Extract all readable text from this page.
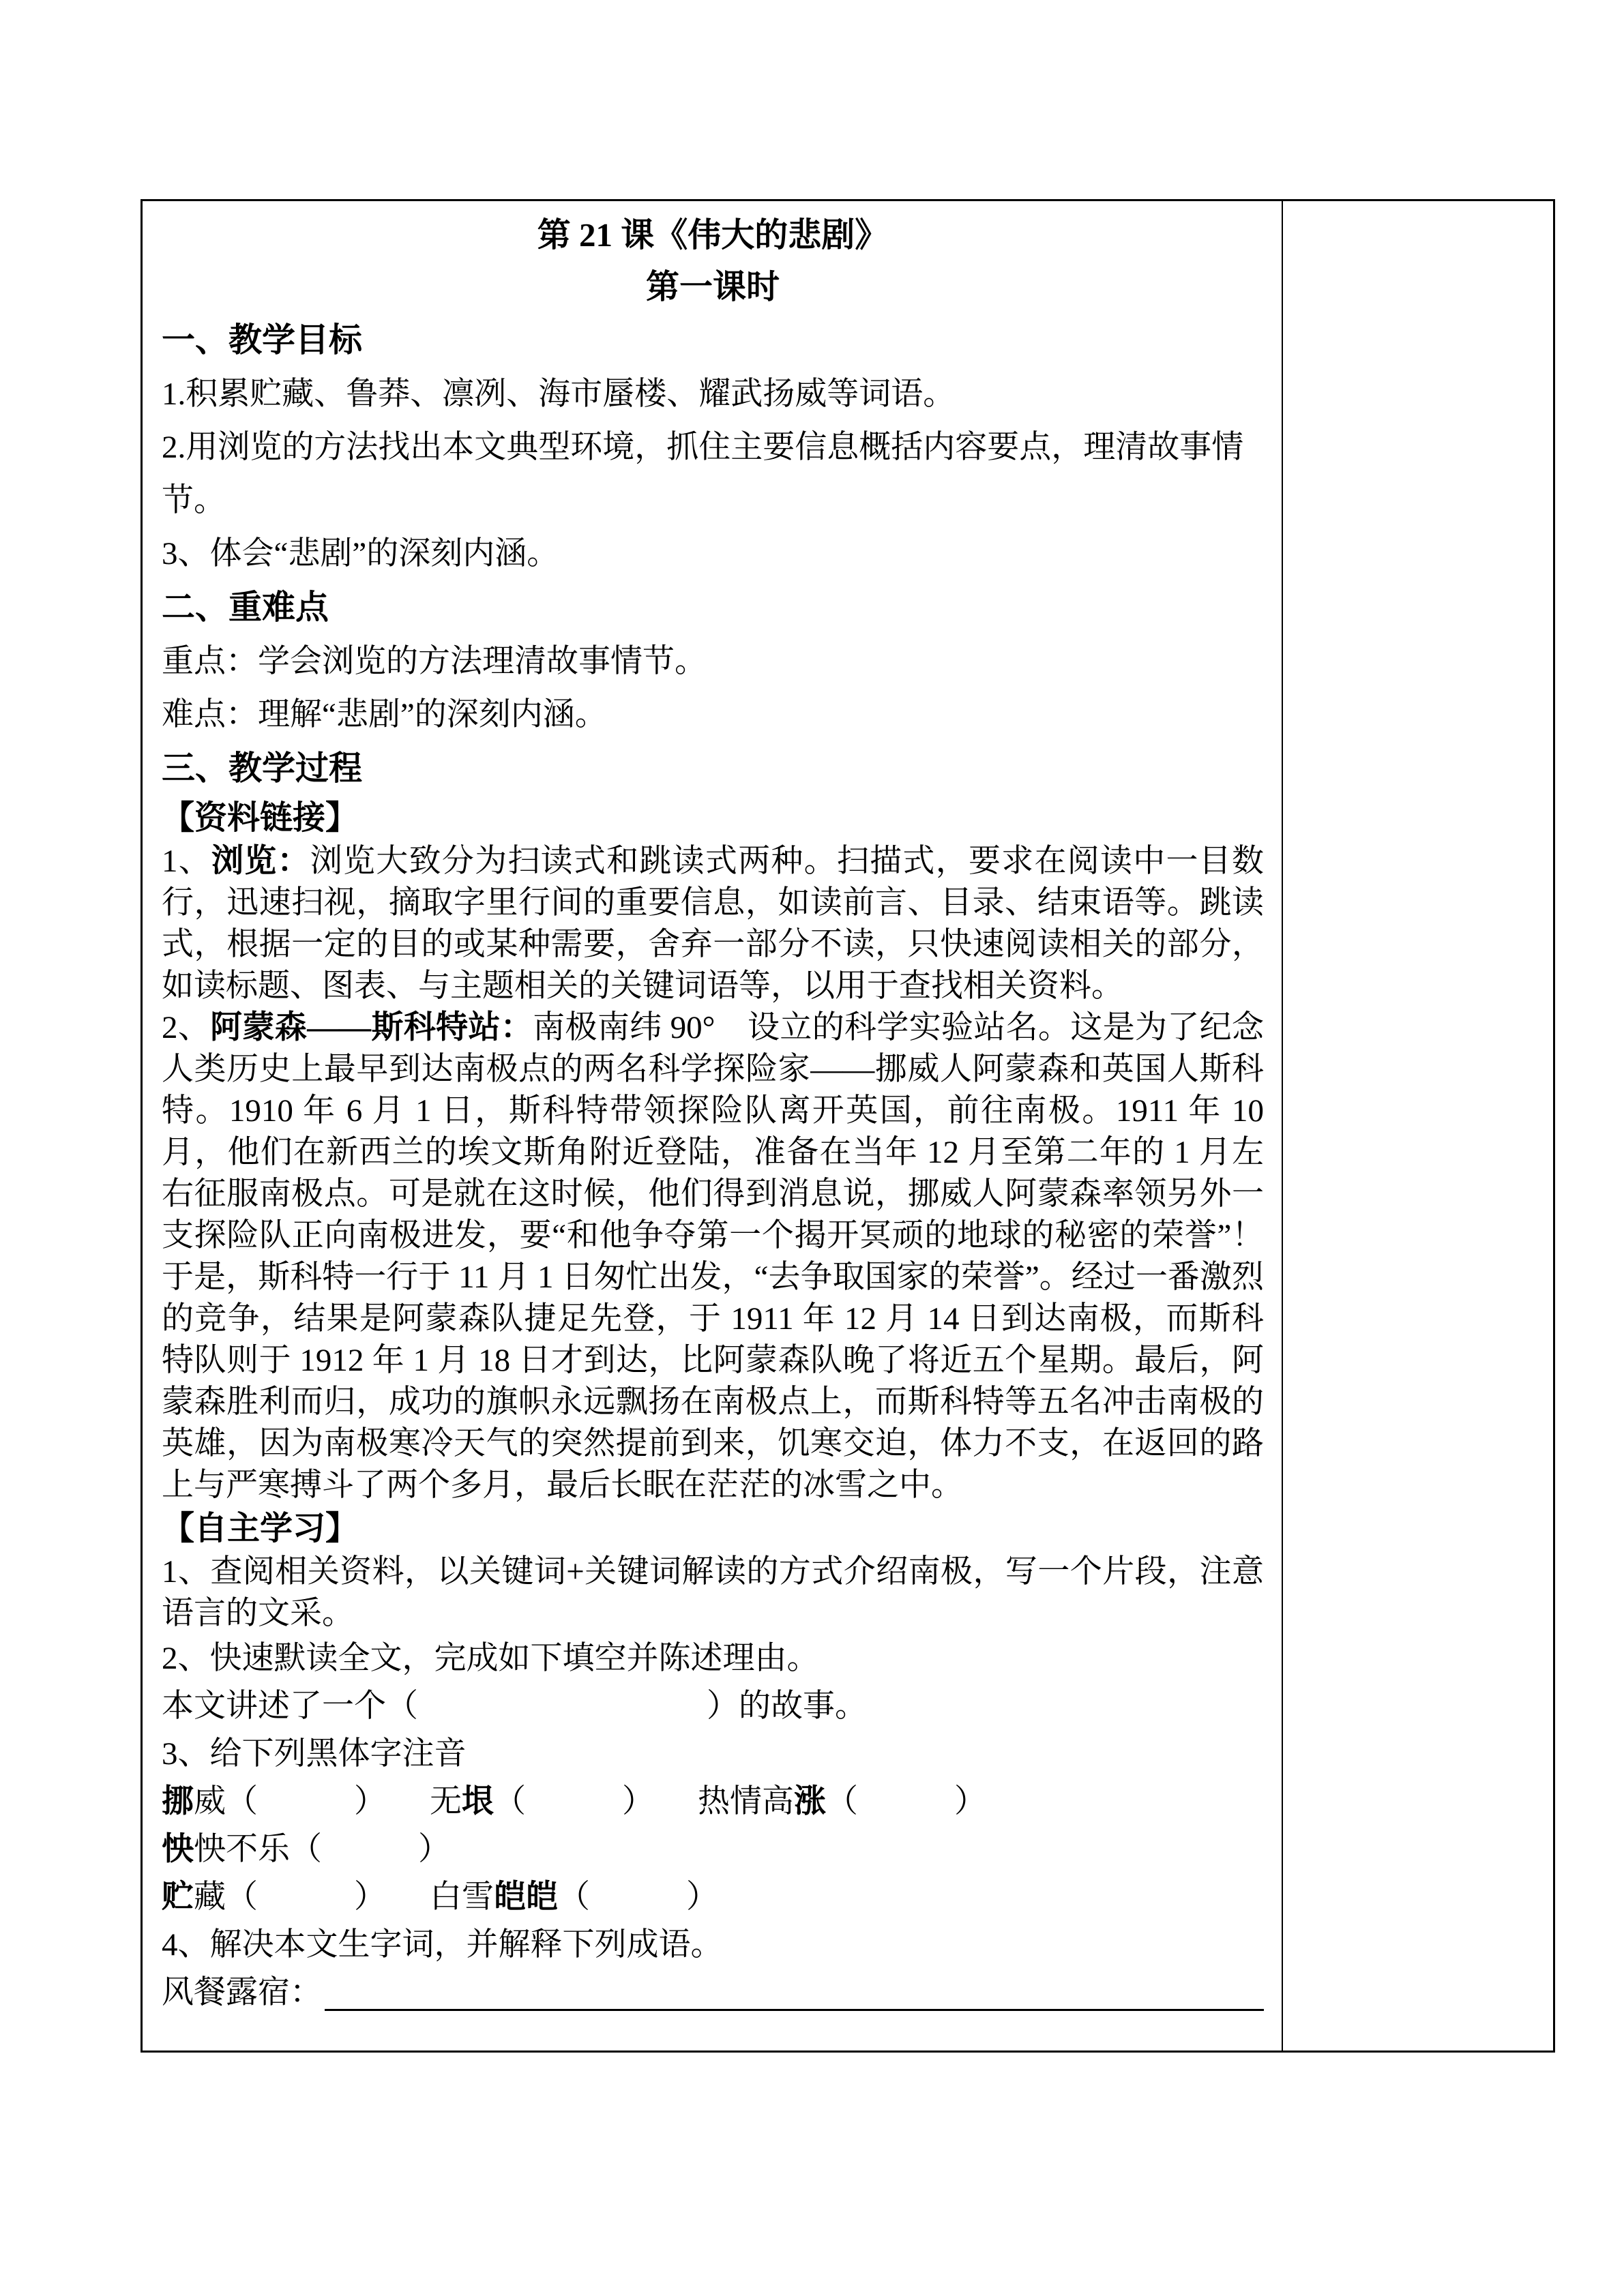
第 21 课《伟大的悲剧》
第一课时
一、教学目标
1.积累贮藏、鲁莽、凛冽、海市蜃楼、耀武扬威等词语。
2.用浏览的方法找出本文典型环境，抓住主要信息概括内容要点，理清故事情节。
3、体会“悲剧”的深刻内涵。
二、重难点
重点：学会浏览的方法理清故事情节。
难点：理解“悲剧”的深刻内涵。
三、教学过程
【资料链接】
1、浏览：浏览大致分为扫读式和跳读式两种。扫描式，要求在阅读中一目数行，迅速扫视，摘取字里行间的重要信息，如读前言、目录、结束语等。跳读式，根据一定的目的或某种需要，舍弃一部分不读，只快速阅读相关的部分，如读标题、图表、与主题相关的关键词语等，以用于查找相关资料。
2、阿蒙森——斯科特站：南极南纬 90°　设立的科学实验站名。这是为了纪念人类历史上最早到达南极点的两名科学探险家——挪威人阿蒙森和英国人斯科特。1910 年 6 月 1 日，斯科特带领探险队离开英国，前往南极。1911 年 10 月，他们在新西兰的埃文斯角附近登陆，准备在当年 12 月至第二年的 1 月左右征服南极点。可是就在这时候，他们得到消息说，挪威人阿蒙森率领另外一支探险队正向南极进发，要“和他争夺第一个揭开冥顽的地球的秘密的荣誉”！于是，斯科特一行于 11 月 1 日匆忙出发，“去争取国家的荣誉”。经过一番激烈的竞争，结果是阿蒙森队捷足先登，于 1911 年 12 月 14 日到达南极，而斯科特队则于 1912 年 1 月 18 日才到达，比阿蒙森队晚了将近五个星期。最后，阿蒙森胜利而归，成功的旗帜永远飘扬在南极点上，而斯科特等五名冲击南极的英雄，因为南极寒冷天气的突然提前到来，饥寒交迫，体力不支，在返回的路上与严寒搏斗了两个多月，最后长眠在茫茫的冰雪之中。
【自主学习】
1、查阅相关资料，以关键词+关键词解读的方式介绍南极，写一个片段，注意语言的文采。
2、快速默读全文，完成如下填空并陈述理由。
本文讲述了一个（　　　　　　　　　）的故事。
3、给下列黑体字注音
挪威（　　　） 无垠（　　　） 热情高涨（　　　）怏怏不乐（　　　）
贮藏（　　　） 白雪皑皑（　　　）
4、解决本文生字词，并解释下列成语。
风餐露宿：
